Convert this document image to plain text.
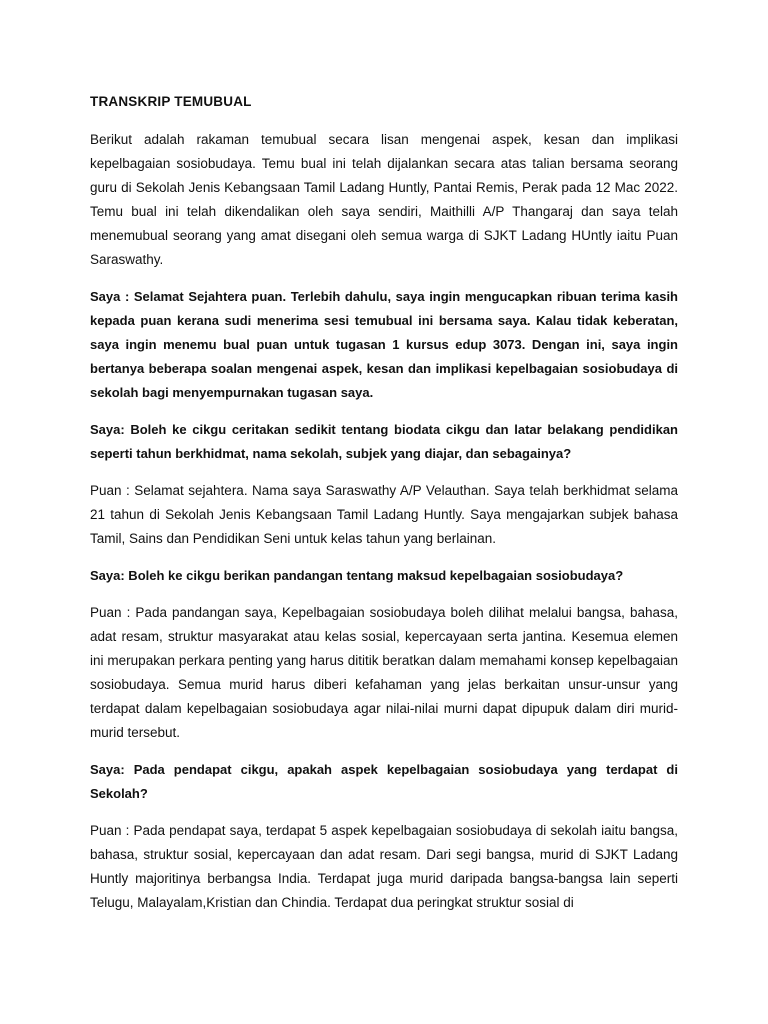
TRANSKRIP TEMUBUAL

Berikut adalah rakaman temubual secara lisan mengenai aspek, kesan dan implikasi kepelbagaian sosiobudaya. Temu bual ini telah dijalankan secara atas talian bersama seorang guru di Sekolah Jenis Kebangsaan Tamil Ladang Huntly, Pantai Remis, Perak pada 12 Mac 2022. Temu bual ini telah dikendalikan oleh saya sendiri, Maithilli A/P Thangaraj dan saya telah menemubual seorang yang amat disegani oleh semua warga di SJKT Ladang HUntly iaitu Puan Saraswathy.

Saya : Selamat Sejahtera puan. Terlebih dahulu, saya ingin mengucapkan ribuan terima kasih kepada puan kerana sudi menerima sesi temubual ini bersama saya. Kalau tidak keberatan, saya ingin menemu bual puan untuk tugasan 1 kursus edup 3073. Dengan ini, saya ingin bertanya beberapa soalan mengenai aspek, kesan dan implikasi kepelbagaian sosiobudaya di sekolah bagi menyempurnakan tugasan saya.

Saya: Boleh ke cikgu ceritakan sedikit tentang biodata cikgu dan latar belakang pendidikan seperti tahun berkhidmat, nama sekolah, subjek yang diajar, dan sebagainya?

Puan : Selamat sejahtera. Nama saya Saraswathy A/P Velauthan. Saya telah berkhidmat selama 21 tahun di Sekolah Jenis Kebangsaan Tamil Ladang Huntly. Saya mengajarkan subjek bahasa Tamil, Sains dan Pendidikan Seni untuk kelas tahun yang berlainan.

Saya: Boleh ke cikgu berikan pandangan tentang maksud kepelbagaian sosiobudaya?

Puan : Pada pandangan saya, Kepelbagaian sosiobudaya boleh dilihat melalui bangsa, bahasa, adat resam, struktur masyarakat atau kelas sosial, kepercayaan serta jantina. Kesemua elemen ini merupakan perkara penting yang harus dititik beratkan dalam memahami konsep kepelbagaian sosiobudaya. Semua murid harus diberi kefahaman yang jelas berkaitan unsur-unsur yang terdapat dalam kepelbagaian sosiobudaya agar nilai-nilai murni dapat dipupuk dalam diri murid-murid tersebut.

Saya: Pada pendapat cikgu, apakah aspek kepelbagaian sosiobudaya yang terdapat di Sekolah?

Puan : Pada pendapat saya, terdapat 5 aspek kepelbagaian sosiobudaya di sekolah iaitu bangsa, bahasa, struktur sosial, kepercayaan dan adat resam. Dari segi bangsa, murid di SJKT Ladang Huntly majoritinya berbangsa India. Terdapat juga murid daripada bangsa-bangsa lain seperti Telugu, Malayalam,Kristian dan Chindia. Terdapat dua peringkat struktur sosial di
